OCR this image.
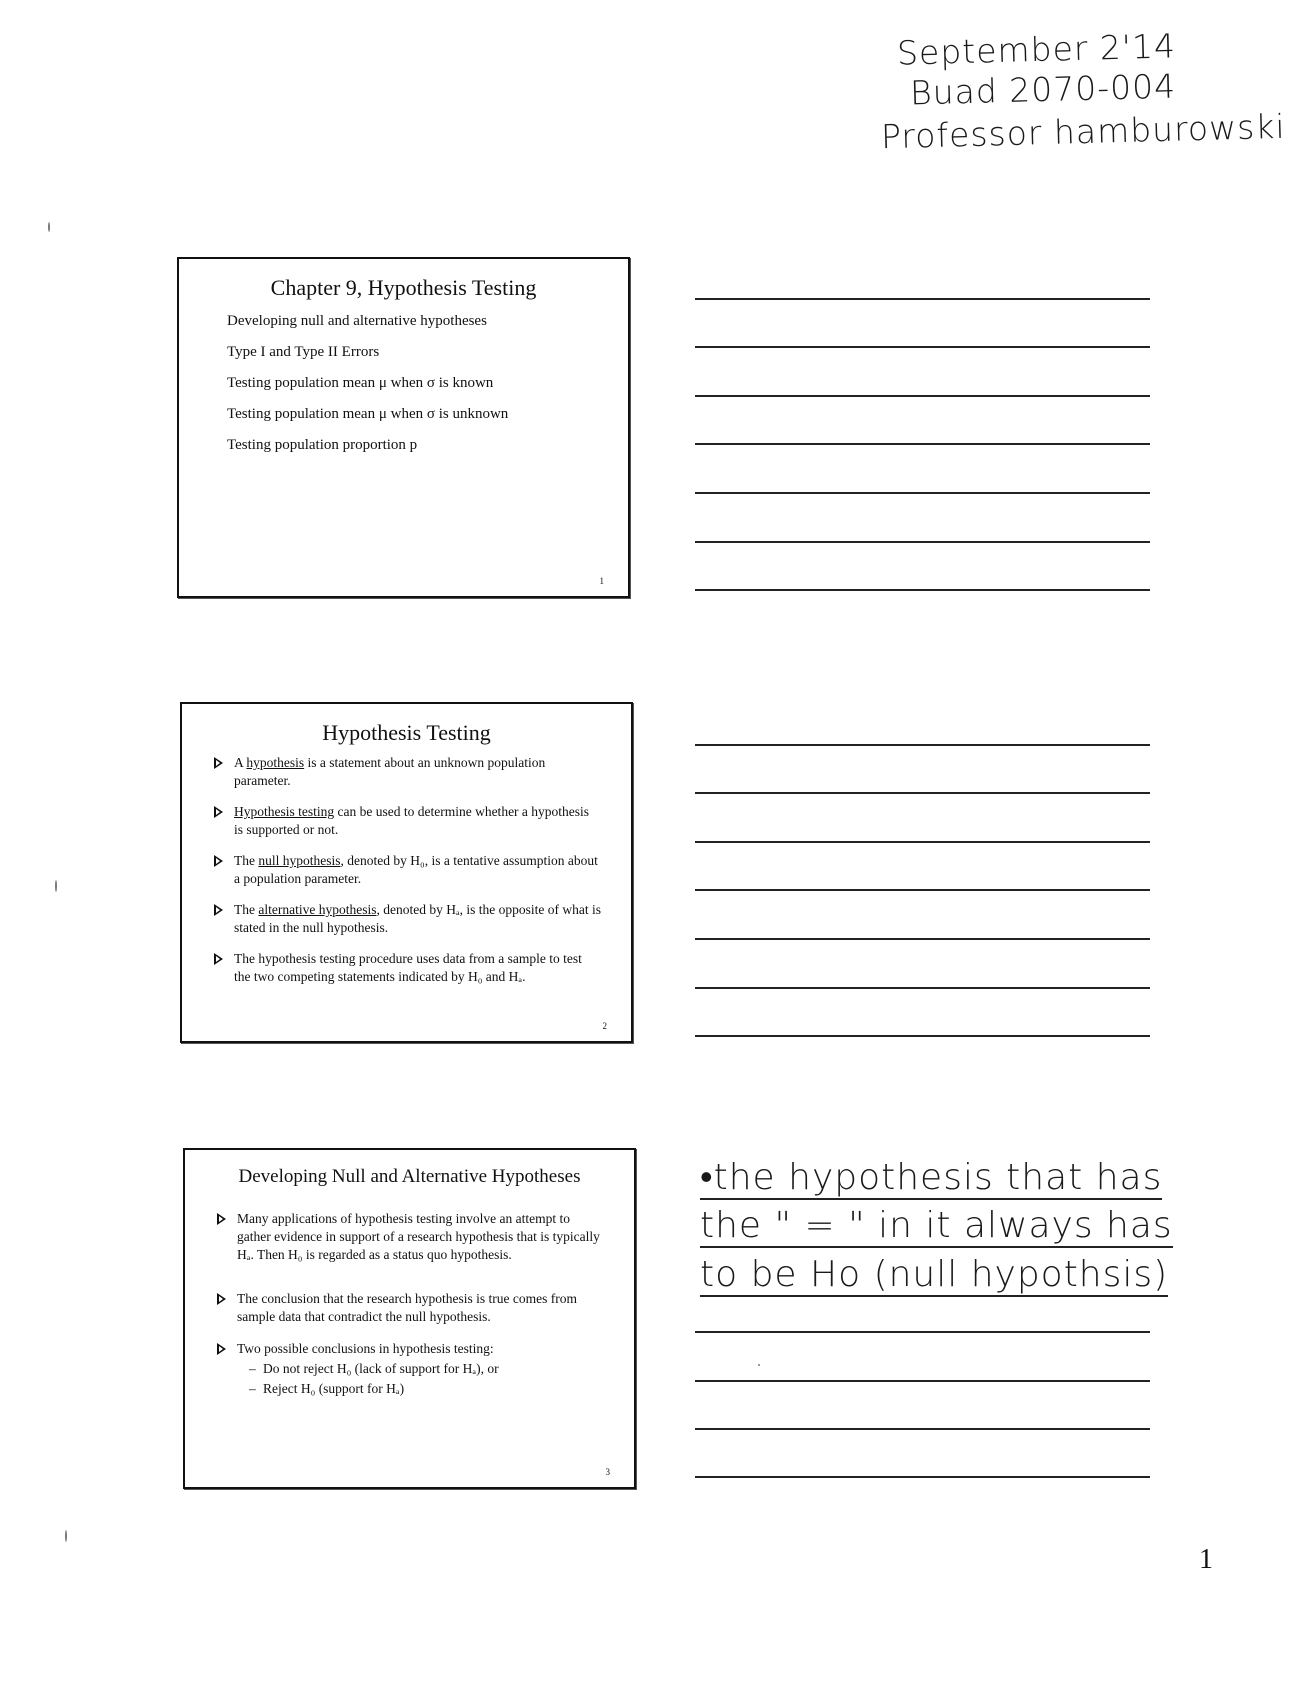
September 2'14
Buad 2070-004
Professor hamburowski
Chapter 9, Hypothesis Testing
Developing null and alternative hypotheses
Type I and Type II Errors
Testing population mean μ when σ is known
Testing population mean μ when σ is unknown
Testing population proportion p
1
Hypothesis Testing
A hypothesis is a statement about an unknown population parameter.
Hypothesis testing can be used to determine whether a hypothesis is supported or not.
The null hypothesis, denoted by H₀, is a tentative assumption about a population parameter.
The alternative hypothesis, denoted by Hₐ, is the opposite of what is stated in the null hypothesis.
The hypothesis testing procedure uses data from a sample to test the two competing statements indicated by H₀ and Hₐ.
2
Developing Null and Alternative Hypotheses
Many applications of hypothesis testing involve an attempt to gather evidence in support of a research hypothesis that is typically Hₐ. Then H₀ is regarded as a status quo hypothesis.
The conclusion that the research hypothesis is true comes from sample data that contradict the null hypothesis.
Two possible conclusions in hypothesis testing:
– Do not reject H₀ (lack of support for Hₐ), or
– Reject H₀ (support for Hₐ)
3
•the hypothesis that has
the " = " in it always has
to be Ho (null hypothsis)
1
